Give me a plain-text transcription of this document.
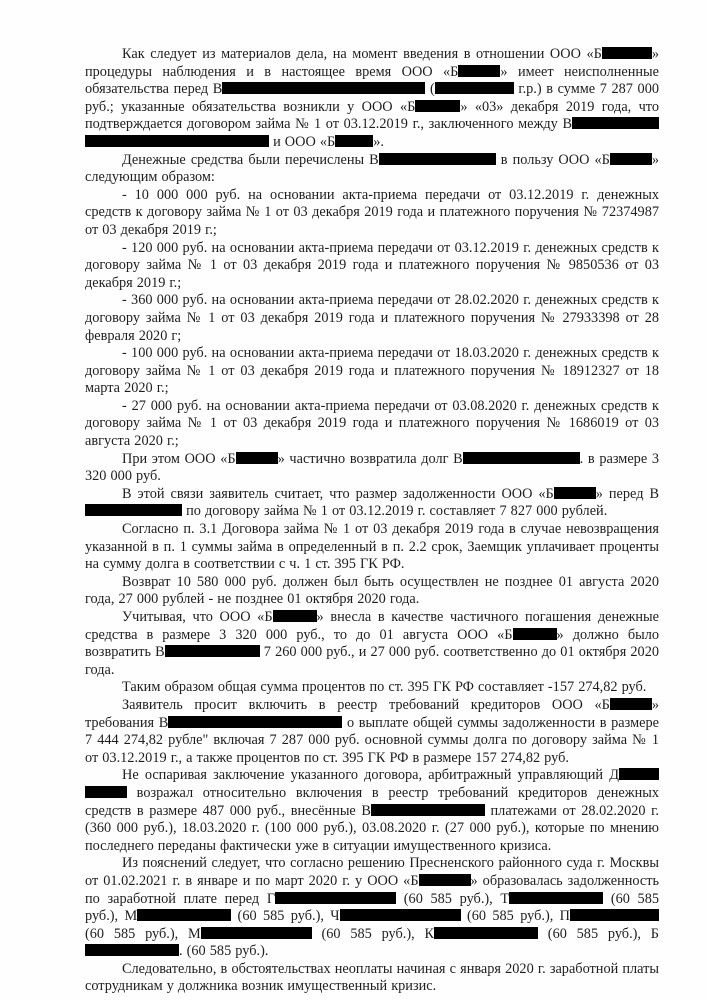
Как следует из материалов дела, на момент введения в отношении ООО «Б	» процедуры наблюдения и в настоящее время ООО «Б	» имеет неисполненные обязательства перед В	(	г.р.) в сумме 7 287 000 руб.; указанные обязательства возникли у ООО «Б	» «03» декабря 2019 года, что подтверждается договором займа № 1 от 03.12.2019 г., заключенного между В  и ООО «Б	».

Денежные средства были перечислены В	в пользу ООО «Б	» следующим образом:

- 10 000 000 руб. на основании акта-приема передачи от 03.12.2019 г. денежных средств к договору займа № 1 от 03 декабря 2019 года и платежного поручения № 72374987 от 03 декабря 2019 г.;

- 120 000 руб. на основании акта-приема передачи от 03.12.2019 г. денежных средств к договору займа № 1 от 03 декабря 2019 года и платежного поручения № 9850536 от 03 декабря 2019 г.;

- 360 000 руб. на основании акта-приема передачи от 28.02.2020 г. денежных средств к договору займа № 1 от 03 декабря 2019 года и платежного поручения № 27933398 от 28 февраля 2020 г;

- 100 000 руб. на основании акта-приема передачи от 18.03.2020 г. денежных средств к договору займа № 1 от 03 декабря 2019 года и платежного поручения № 18912327 от 18 марта 2020 г.;

- 27 000 руб. на основании акта-приема передачи от 03.08.2020 г. денежных средств к договору займа № 1 от 03 декабря 2019 года и платежного поручения № 1686019 от 03 августа 2020 г.;

При этом ООО «Б	» частично возвратила долг В	. в размере 3 320 000 руб.

В этой связи заявитель считает, что размер задолженности ООО «Б	» перед В по договору займа № 1 от 03.12.2019 г. составляет 7 827 000 рублей.

Согласно п. 3.1 Договора займа № 1 от 03 декабря 2019 года в случае невозвращения указанной в п. 1 суммы займа в определенный в п. 2.2 срок, Заемщик уплачивает проценты на сумму долга в соответствии с ч. 1 ст. 395 ГК РФ.

Возврат 10 580 000 руб. должен был быть осуществлен не позднее 01 августа 2020 года, 27 000 рублей - не позднее 01 октября 2020 года.

Учитывая, что ООО «Б	» внесла в качестве частичного погашения денежные средства в размере 3 320 000 руб., то до 01 августа ООО «Б	» должно было возвратить В	7 260 000 руб., и 27 000 руб. соответственно до 01 октября 2020 года.

Таким образом общая сумма процентов по ст. 395 ГК РФ составляет -157 274,82 руб.

Заявитель просит включить в реестр требований кредиторов ООО «Б	» требования В	о выплате общей суммы задолженности в размере 7 444 274,82 рубле" включая 7 287 000 руб. основной суммы долга по договору займа № 1 от 03.12.2019 г., а также процентов по ст. 395 ГК РФ в размере 157 274,82 руб.

Не оспаривая заключение указанного договора, арбитражный управляющий Д  возражал относительно включения в реестр требований кредиторов денежных средств в размере 487 000 руб., внесённые В	платежами от 28.02.2020 г. (360 000 руб.), 18.03.2020 г. (100 000 руб.), 03.08.2020 г. (27 000 руб.), которые по мнению последнего переданы фактически уже в ситуации имущественного кризиса.

Из пояснений следует, что согласно решению Пресненского районного суда г. Москвы от 01.02.2021 г. в январе и по март 2020 г. у ООО «Б	» образовалась задолженность по заработной плате перед Г	(60 585 руб.), Т	(60 585 руб.), М	(60 585 руб.), Ч	(60 585 руб.), П (60 585 руб.), М	(60 585 руб.), К	(60 585 руб.), Б. (60 585 руб.).

Следовательно, в обстоятельствах неоплаты начиная с января 2020 г. заработной платы сотрудникам у должника возник имущественный кризис.
